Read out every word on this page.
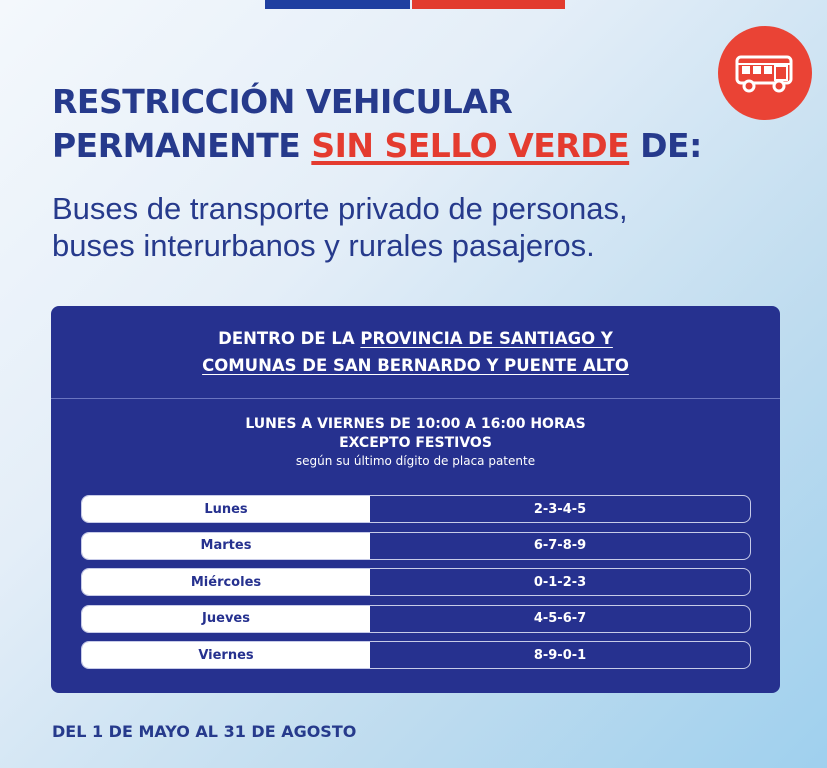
RESTRICCIÓN VEHICULAR
PERMANENTE SIN SELLO VERDE DE:

Buses de transporte privado de personas,
buses interurbanos y rurales pasajeros.

DENTRO DE LA PROVINCIA DE SANTIAGO Y
COMUNAS DE SAN BERNARDO Y PUENTE ALTO
LUNES A VIERNES DE 10:00 A 16:00 HORAS
EXCEPTO FESTIVOS
según su último dígito de placa patente
Lunes	2-3-4-5
Martes	6-7-8-9
Miércoles	0-1-2-3
Jueves	4-5-6-7
Viernes	8-9-0-1

DEL 1 DE MAYO AL 31 DE AGOSTO
